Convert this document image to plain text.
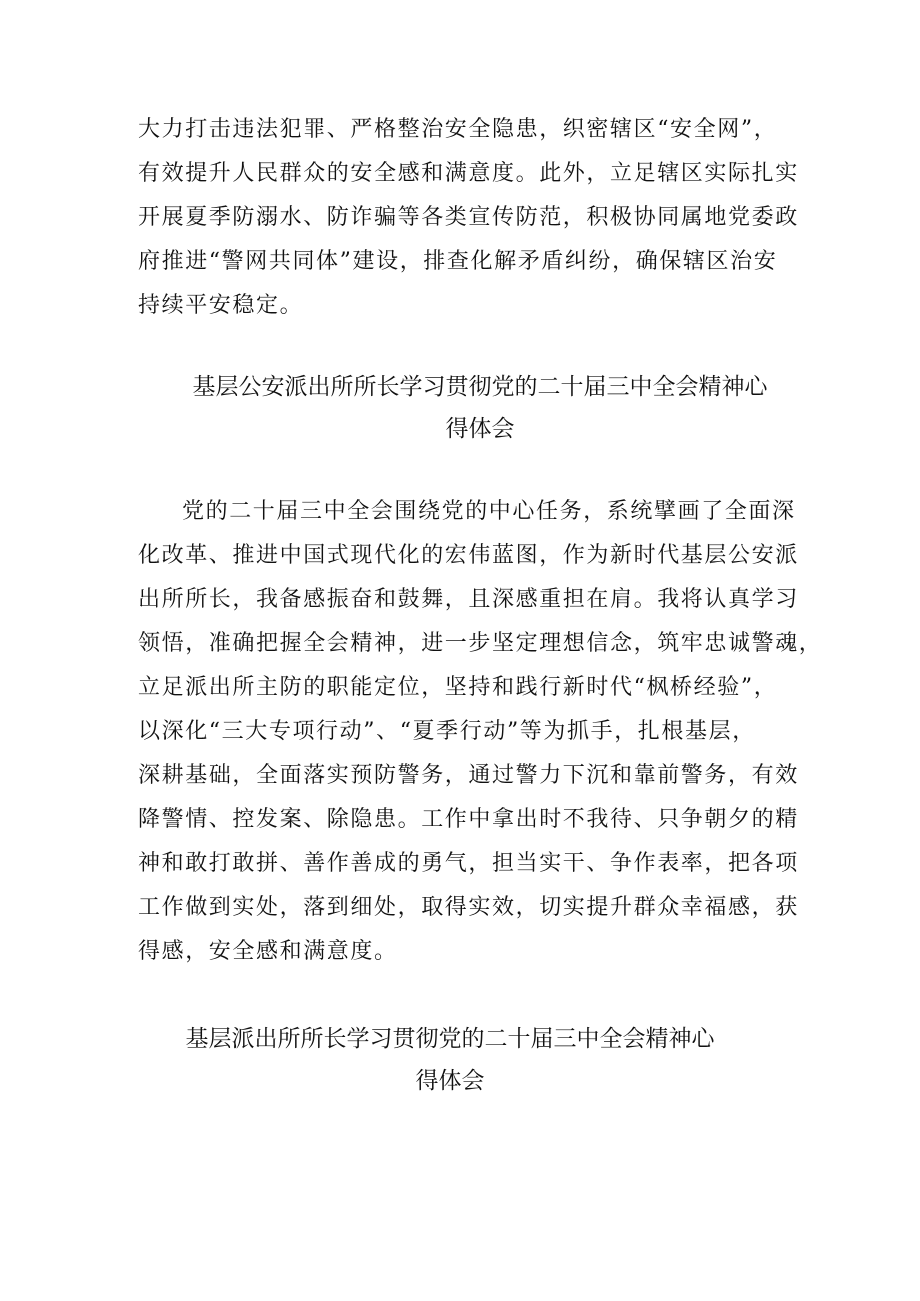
大力打击违法犯罪、严格整治安全隐患，织密辖区“安全网”，
有效提升人民群众的安全感和满意度。此外，立足辖区实际扎实
开展夏季防溺水、防诈骗等各类宣传防范，积极协同属地党委政
府推进“警网共同体”建设，排查化解矛盾纠纷，确保辖区治安
持续平安稳定。
基层公安派出所所长学习贯彻党的二十届三中全会精神心
得体会
党的二十届三中全会围绕党的中心任务，系统擘画了全面深
化改革、推进中国式现代化的宏伟蓝图，作为新时代基层公安派
出所所长，我备感振奋和鼓舞，且深感重担在肩。我将认真学习
领悟，准确把握全会精神，进一步坚定理想信念，筑牢忠诚警魂，
立足派出所主防的职能定位，坚持和践行新时代“枫桥经验”，
以深化“三大专项行动”、“夏季行动”等为抓手，扎根基层，
深耕基础，全面落实预防警务，通过警力下沉和靠前警务，有效
降警情、控发案、除隐患。工作中拿出时不我待、只争朝夕的精
神和敢打敢拼、善作善成的勇气，担当实干、争作表率，把各项
工作做到实处，落到细处，取得实效，切实提升群众幸福感，获
得感，安全感和满意度。
基层派出所所长学习贯彻党的二十届三中全会精神心
得体会
